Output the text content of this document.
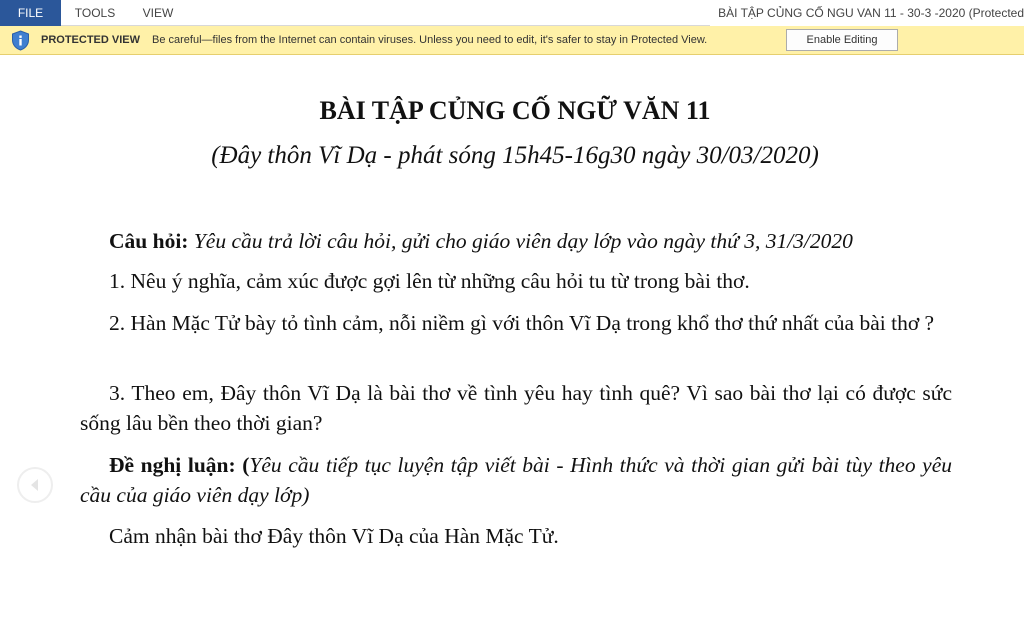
FILE	TOOLS	VIEW	BÀI TẬP CỦNG CỐ NGU VAN 11 - 30-3 -2020 (Protected
PROTECTED VIEW Be careful—files from the Internet can contain viruses. Unless you need to edit, it's safer to stay in Protected View.	Enable Editing
BÀI TẬP CỦNG CỐ NGỮ VĂN 11
(Đây thôn Vĩ Dạ - phát sóng 15h45-16g30 ngày 30/03/2020)
Câu hỏi: Yêu cầu trả lời câu hỏi, gửi cho giáo viên dạy lớp vào ngày thứ 3, 31/3/2020
1. Nêu ý nghĩa, cảm xúc được gợi lên từ những câu hỏi tu từ trong bài thơ.
2. Hàn Mặc Tử bày tỏ tình cảm, nỗi niềm gì với thôn Vĩ Dạ trong khổ thơ thứ nhất của bài thơ ?
3. Theo em, Đây thôn Vĩ Dạ là bài thơ về tình yêu hay tình quê? Vì sao bài thơ lại có được sức sống lâu bền theo thời gian?
Đề nghị luận: (Yêu cầu tiếp tục luyện tập viết bài - Hình thức và thời gian gửi bài tùy theo yêu cầu của giáo viên dạy lớp)
Cảm nhận bài thơ Đây thôn Vĩ Dạ của Hàn Mặc Tử.
